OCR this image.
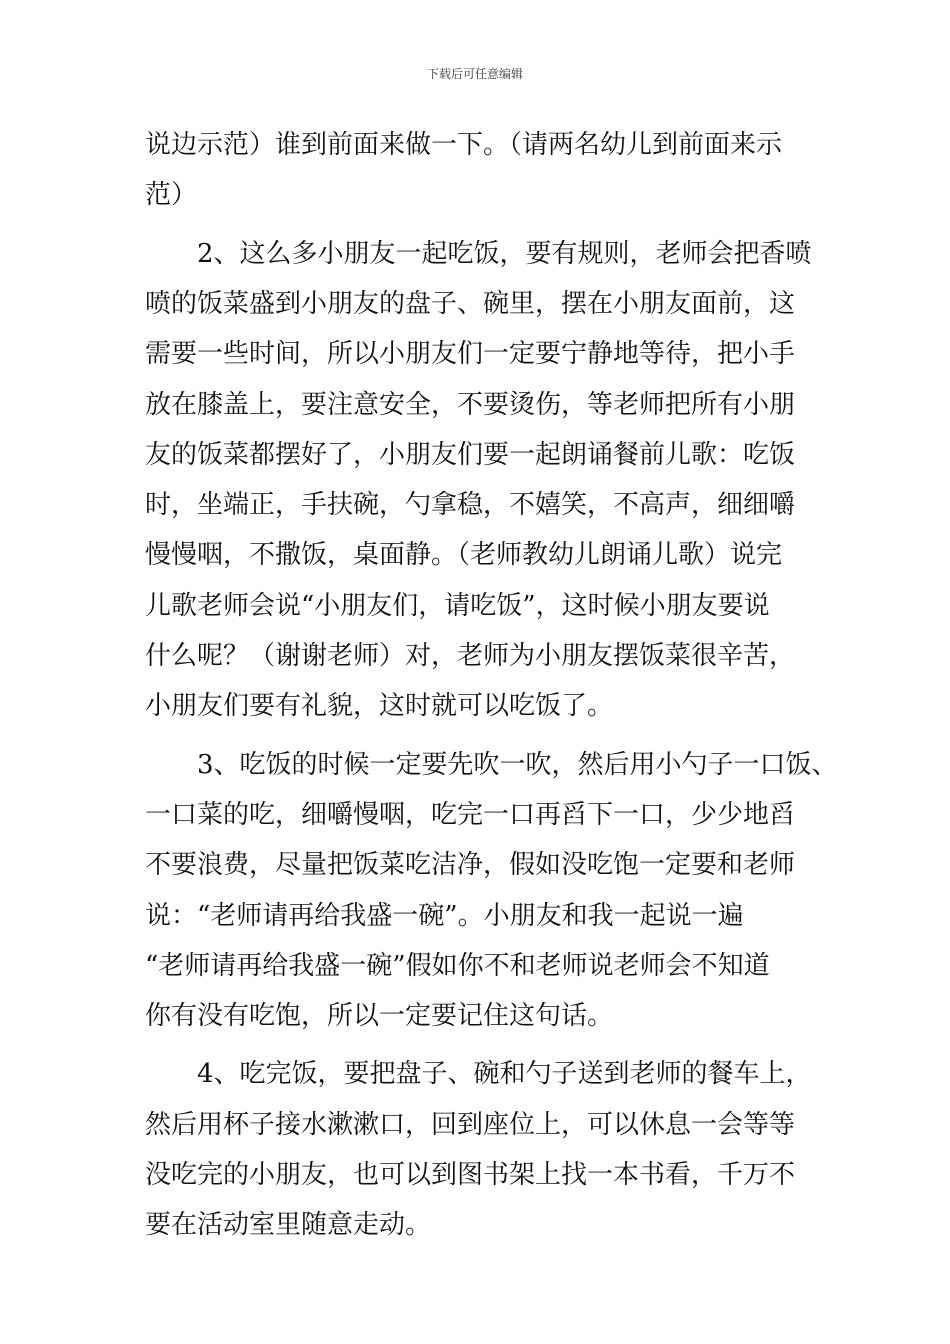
下载后可任意编辑
说边示范）谁到前面来做一下。（请两名幼儿到前面来示
范）
2、这么多小朋友一起吃饭，要有规则，老师会把香喷
喷的饭菜盛到小朋友的盘子、碗里，摆在小朋友面前，这
需要一些时间，所以小朋友们一定要宁静地等待，把小手
放在膝盖上，要注意安全，不要烫伤，等老师把所有小朋
友的饭菜都摆好了，小朋友们要一起朗诵餐前儿歌：吃饭
时，坐端正，手扶碗，勺拿稳，不嬉笑，不高声，细细嚼
慢慢咽，不撒饭，桌面静。（老师教幼儿朗诵儿歌）说完
儿歌老师会说“小朋友们，请吃饭”，这时候小朋友要说
什么呢？（谢谢老师）对，老师为小朋友摆饭菜很辛苦，
小朋友们要有礼貌，这时就可以吃饭了。
3、吃饭的时候一定要先吹一吹，然后用小勺子一口饭、
一口菜的吃，细嚼慢咽，吃完一口再舀下一口，少少地舀
不要浪费，尽量把饭菜吃洁净，假如没吃饱一定要和老师
说：“老师请再给我盛一碗”。小朋友和我一起说一遍
“老师请再给我盛一碗”假如你不和老师说老师会不知道
你有没有吃饱，所以一定要记住这句话。
4、吃完饭，要把盘子、碗和勺子送到老师的餐车上，
然后用杯子接水漱漱口，回到座位上，可以休息一会等等
没吃完的小朋友，也可以到图书架上找一本书看，千万不
要在活动室里随意走动。
